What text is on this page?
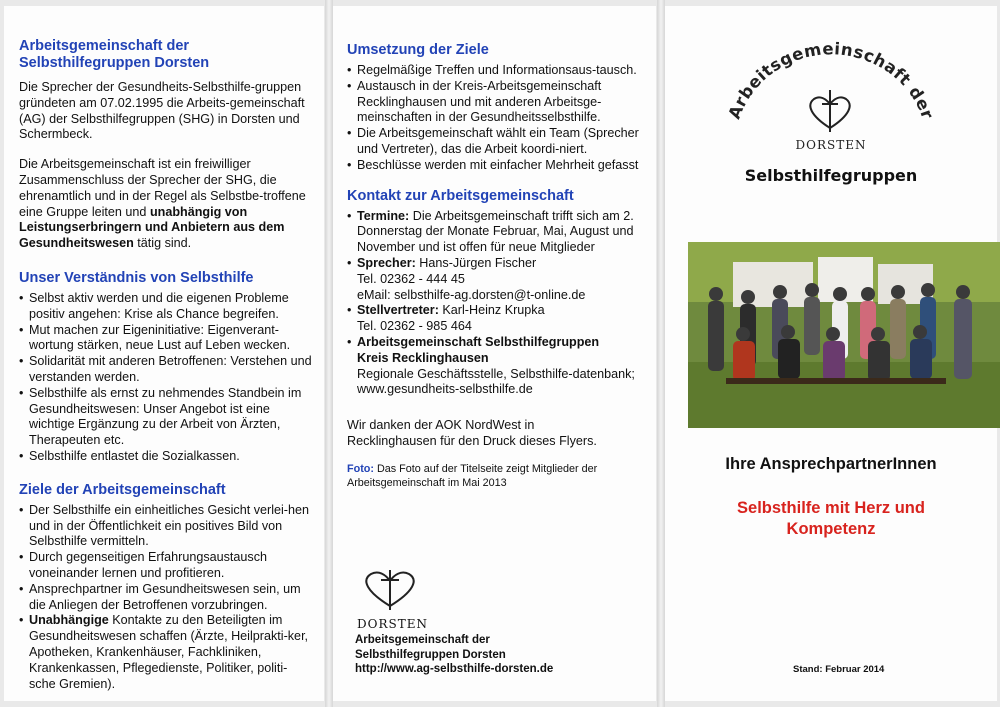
Arbeitsgemeinschaft der Selbsthilfegruppen Dorsten

Die Sprecher der Gesundheits-Selbsthilfe-gruppen gründeten am 07.02.1995 die Arbeits-gemeinschaft (AG) der Selbsthilfegruppen (SHG) in Dorsten und Schermbeck.

Die Arbeitsgemeinschaft ist ein freiwilliger Zusammenschluss der Sprecher der SHG, die ehrenamtlich und in der Regel als Selbstbe-troffene eine Gruppe leiten und unabhängig von Leistungserbringern und Anbietern aus dem Gesundheitswesen tätig sind.

Unser Verständnis von Selbsthilfe
• Selbst aktiv werden und die eigenen Probleme positiv angehen: Krise als Chance begreifen.
• Mut machen zur Eigeninitiative: Eigenverant-wortung stärken, neue Lust auf Leben wecken.
• Solidarität mit anderen Betroffenen: Verstehen und verstanden werden.
• Selbsthilfe als ernst zu nehmendes Standbein im Gesundheitswesen: Unser Angebot ist eine wichtige Ergänzung zu der Arbeit von Ärzten, Therapeuten etc.
• Selbsthilfe entlastet die Sozialkassen.
Ziele der Arbeitsgemeinschaft
• Der Selbsthilfe ein einheitliches Gesicht verlei-hen und in der Öffentlichkeit ein positives Bild von Selbsthilfe vermitteln.
• Durch gegenseitigen Erfahrungsaustausch voneinander lernen und profitieren.
• Ansprechpartner im Gesundheitswesen sein, um die Anliegen der Betroffenen vorzubringen.
• Unabhängige Kontakte zu den Beteiligten im Gesundheitswesen schaffen (Ärzte, Heilprakti-ker, Apotheken, Krankenhäuser, Fachkliniken, Krankenkassen, Pflegedienste, Politiker, politi-sche Gremien).
Umsetzung der Ziele
• Regelmäßige Treffen und Informationsaus-tausch.
• Austausch in der Kreis-Arbeitsgemeinschaft Recklinghausen und mit anderen Arbeitsge-meinschaften in der Gesundheitsselbsthilfe.
• Die Arbeitsgemeinschaft wählt ein Team (Sprecher und Vertreter), das die Arbeit koordi-niert.
• Beschlüsse werden mit einfacher Mehrheit gefasst
Kontakt zur Arbeitsgemeinschaft
• Termine: Die Arbeitsgemeinschaft trifft sich am 2. Donnerstag der Monate Februar, Mai, August und November und ist offen für neue Mitglieder
• Sprecher: Hans-Jürgen Fischer
Tel. 02362 - 444 45
eMail: selbsthilfe-ag.dorsten@t-online.de
• Stellvertreter: Karl-Heinz Krupka
Tel. 02362 - 985 464
• Arbeitsgemeinschaft Selbsthilfegruppen Kreis Recklinghausen
Regionale Geschäftsstelle, Selbsthilfe-datenbank; www.gesundheits-selbsthilfe.de

Wir danken der AOK NordWest in Recklinghausen für den Druck dieses Flyers.

Foto: Das Foto auf der Titelseite zeigt Mitglieder der Arbeitsgemeinschaft im Mai 2013

DORSTEN
Arbeitsgemeinschaft der
Selbsthilfegruppen Dorsten
http://www.ag-selbsthilfe-dorsten.de
Arbeitsgemeinschaft der
DORSTEN
Selbsthilfegruppen
Ihre AnsprechpartnerInnen
Selbsthilfe mit Herz und
Kompetenz
Stand: Februar 2014
